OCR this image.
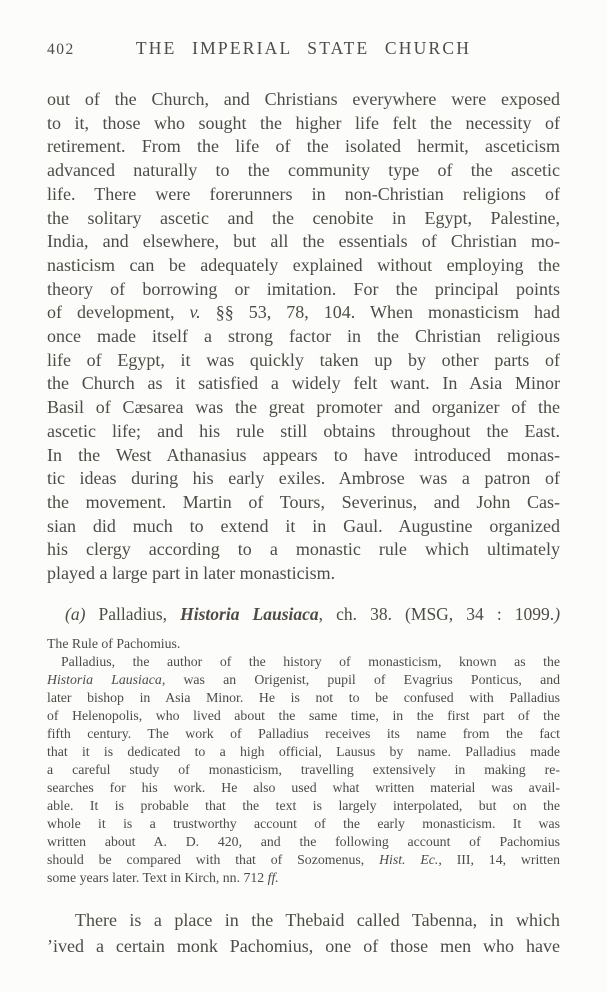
402	THE IMPERIAL STATE CHURCH
out of the Church, and Christians everywhere were exposed
to it, those who sought the higher life felt the necessity of
retirement. From the life of the isolated hermit, asceticism
advanced naturally to the community type of the ascetic
life. There were forerunners in non-Christian religions of
the solitary ascetic and the cenobite in Egypt, Palestine,
India, and elsewhere, but all the essentials of Christian mo-
nasticism can be adequately explained without employing the
theory of borrowing or imitation. For the principal points
of development, v. §§ 53, 78, 104. When monasticism had
once made itself a strong factor in the Christian religious
life of Egypt, it was quickly taken up by other parts of
the Church as it satisfied a widely felt want. In Asia Minor
Basil of Cæsarea was the great promoter and organizer of the
ascetic life; and his rule still obtains throughout the East.
In the West Athanasius appears to have introduced monas-
tic ideas during his early exiles. Ambrose was a patron of
the movement. Martin of Tours, Severinus, and John Cas-
sian did much to extend it in Gaul. Augustine organized
his clergy according to a monastic rule which ultimately
played a large part in later monasticism.
(a) Palladius, Historia Lausiaca, ch. 38. (MSG, 34 : 1099.)
The Rule of Pachomius.
Palladius, the author of the history of monasticism, known as the
Historia Lausiaca, was an Origenist, pupil of Evagrius Ponticus, and
later bishop in Asia Minor. He is not to be confused with Palladius
of Helenopolis, who lived about the same time, in the first part of the
fifth century. The work of Palladius receives its name from the fact
that it is dedicated to a high official, Lausus by name. Palladius made
a careful study of monasticism, travelling extensively in making re-
searches for his work. He also used what written material was avail-
able. It is probable that the text is largely interpolated, but on the
whole it is a trustworthy account of the early monasticism. It was
written about A. D. 420, and the following account of Pachomius
should be compared with that of Sozomenus, Hist. Ec., III, 14, written
some years later. Text in Kirch, nn. 712 ff.
There is a place in the Thebaid called Tabenna, in which
’ived a certain monk Pachomius, one of those men who have
